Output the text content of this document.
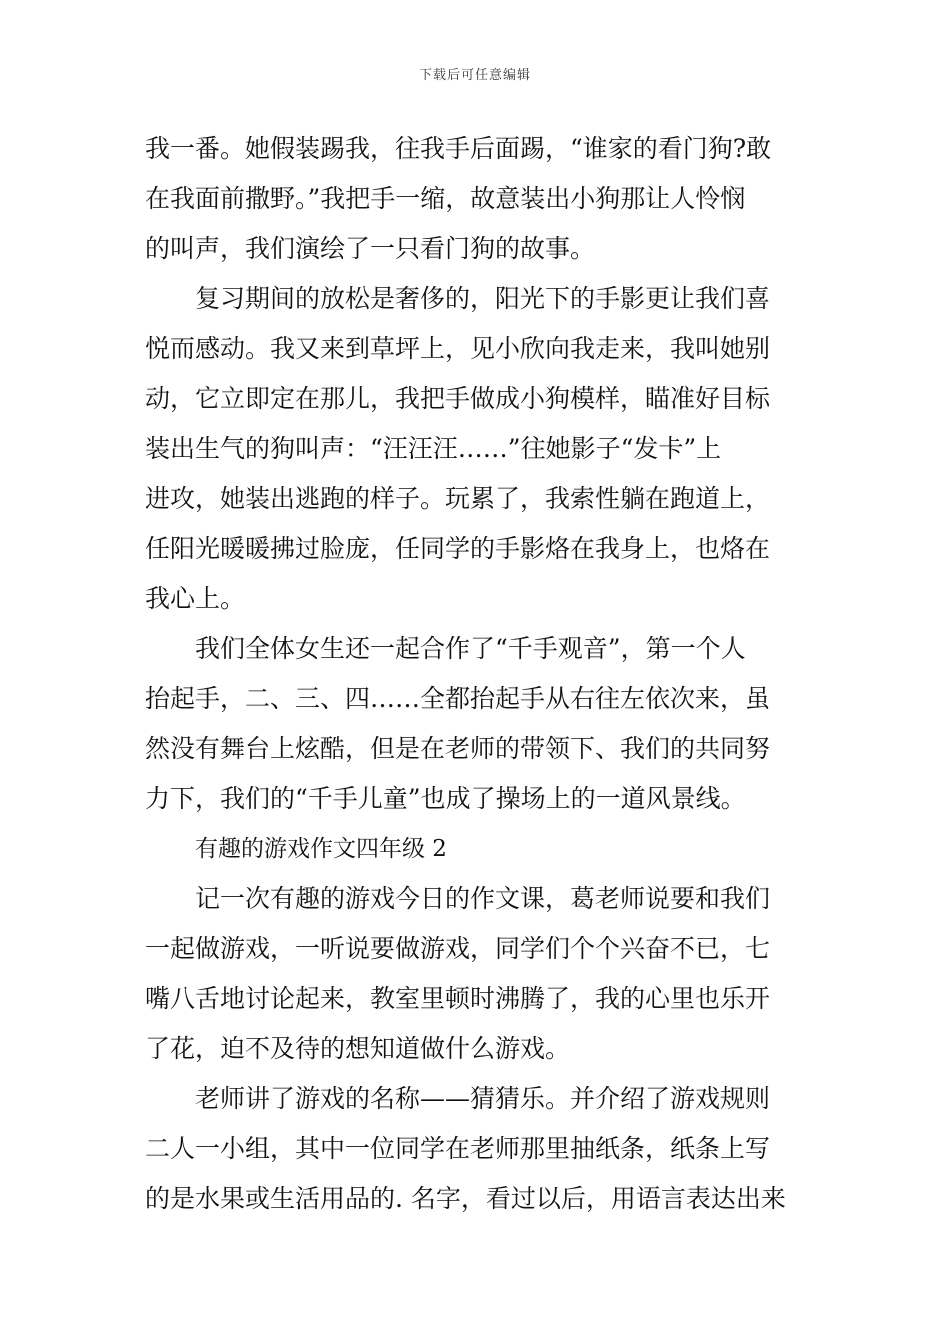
下载后可任意编辑
我一番。她假装踢我，往我手后面踢，“谁家的看门狗?敢
在我面前撒野。”我把手一缩，故意装出小狗那让人怜悯
的叫声，我们演绘了一只看门狗的故事。
复习期间的放松是奢侈的，阳光下的手影更让我们喜
悦而感动。我又来到草坪上，见小欣向我走来，我叫她别
动，它立即定在那儿，我把手做成小狗模样，瞄准好目标
装出生气的狗叫声：“汪汪汪……”往她影子“发卡”上
进攻，她装出逃跑的样子。玩累了，我索性躺在跑道上，
任阳光暖暖拂过脸庞，任同学的手影烙在我身上，也烙在
我心上。
我们全体女生还一起合作了“千手观音”，第一个人
抬起手，二、三、四……全都抬起手从右往左依次来，虽
然没有舞台上炫酷，但是在老师的带领下、我们的共同努
力下，我们的“千手儿童”也成了操场上的一道风景线。
有趣的游戏作文四年级 2
记一次有趣的游戏今日的作文课，葛老师说要和我们
一起做游戏，一听说要做游戏，同学们个个兴奋不已，七
嘴八舌地讨论起来，教室里顿时沸腾了，我的心里也乐开
了花，迫不及待的想知道做什么游戏。
老师讲了游戏的名称——猜猜乐。并介绍了游戏规则
二人一小组，其中一位同学在老师那里抽纸条，纸条上写
的是水果或生活用品的. 名字，看过以后，用语言表达出来
